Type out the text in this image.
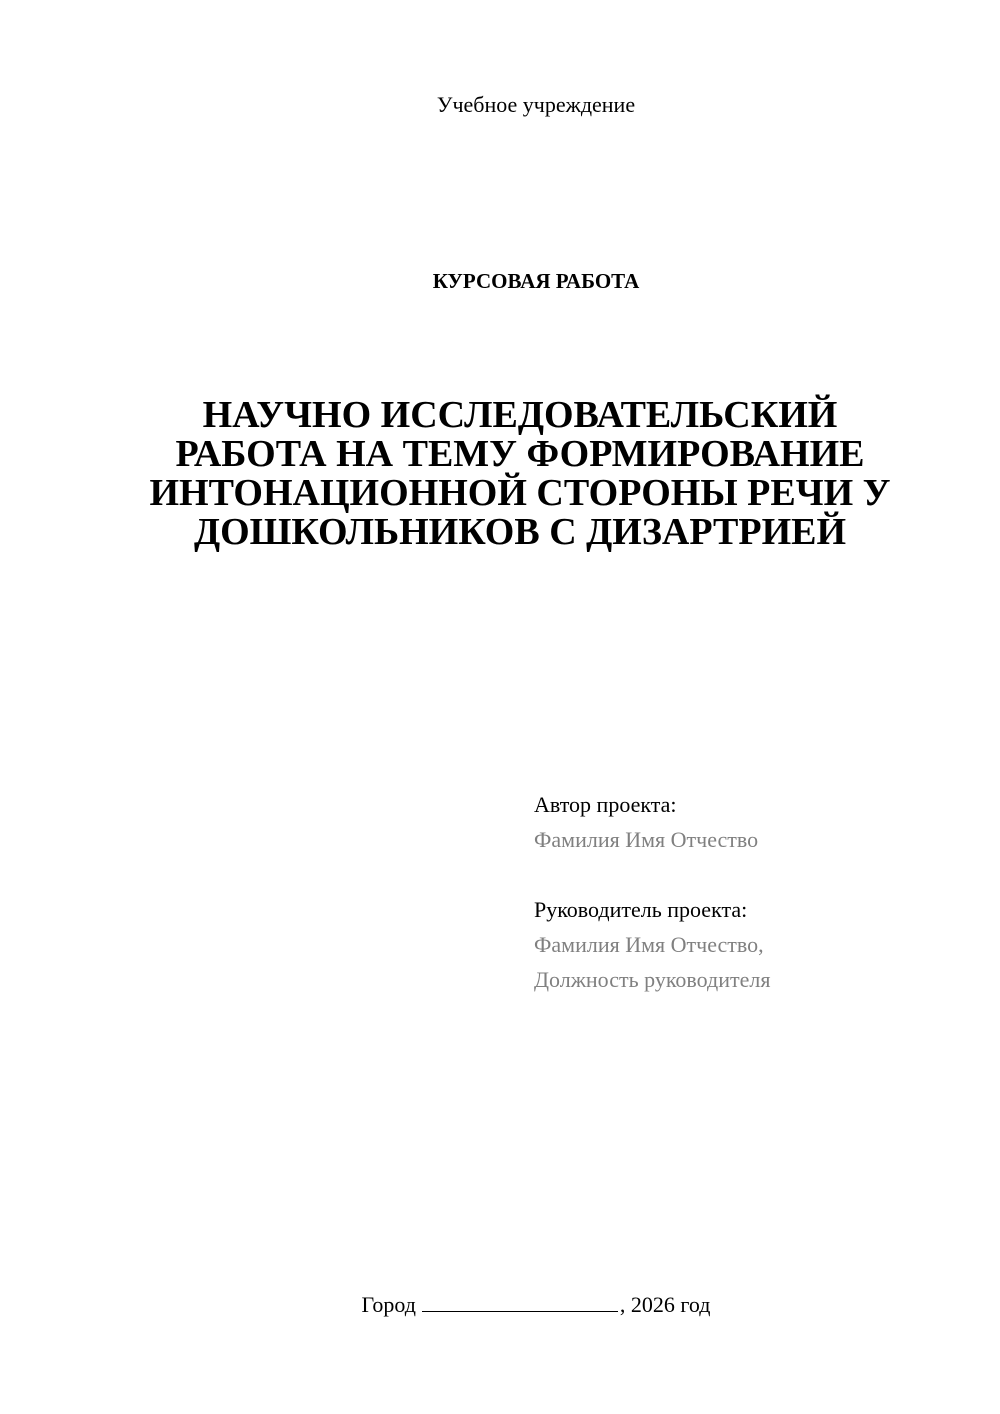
Учебное учреждение
КУРСОВАЯ РАБОТА
НАУЧНО ИССЛЕДОВАТЕЛЬСКИЙ
РАБОТА НА ТЕМУ ФОРМИРОВАНИЕ
ИНТОНАЦИОННОЙ СТОРОНЫ РЕЧИ У
ДОШКОЛЬНИКОВ С ДИЗАРТРИЕЙ
Автор проекта:
Фамилия Имя Отчество
Руководитель проекта:
Фамилия Имя Отчество,
Должность руководителя
Город	, 2026 год
